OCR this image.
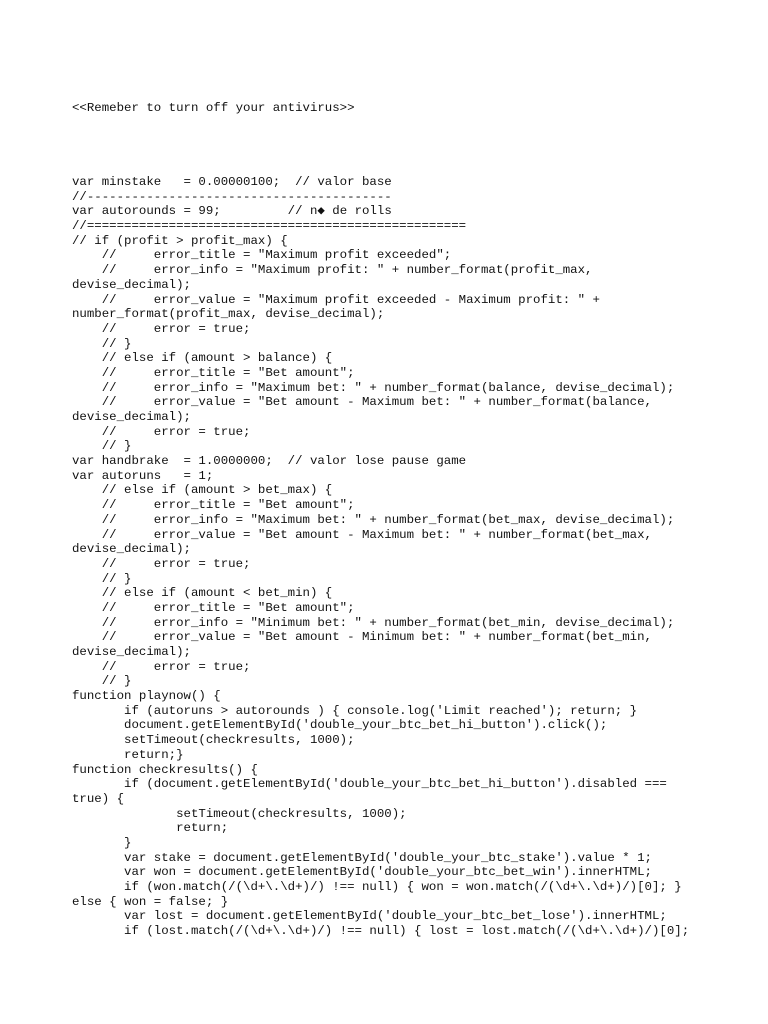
<<Remeber to turn off your antivirus>>

var minstake   = 0.00000100;  // valor base
//-----------------------------------------
var autorounds = 99;         // n◆ de rolls
//===================================================
// if (profit > profit_max) {
//     error_title = "Maximum profit exceeded";
//     error_info = "Maximum profit: " + number_format(profit_max,
devise_decimal);
//     error_value = "Maximum profit exceeded - Maximum profit: " +
number_format(profit_max, devise_decimal);
//     error = true;
// }
// else if (amount > balance) {
//     error_title = "Bet amount";
//     error_info = "Maximum bet: " + number_format(balance, devise_decimal);
//     error_value = "Bet amount - Maximum bet: " + number_format(balance,
devise_decimal);
//     error = true;
// }
var handbrake  = 1.0000000;  // valor lose pause game
var autoruns   = 1;
// else if (amount > bet_max) {
//     error_title = "Bet amount";
//     error_info = "Maximum bet: " + number_format(bet_max, devise_decimal);
//     error_value = "Bet amount - Maximum bet: " + number_format(bet_max,
devise_decimal);
//     error = true;
// }
// else if (amount < bet_min) {
//     error_title = "Bet amount";
//     error_info = "Minimum bet: " + number_format(bet_min, devise_decimal);
//     error_value = "Bet amount - Minimum bet: " + number_format(bet_min,
devise_decimal);
//     error = true;
// }
function playnow() {
if (autoruns > autorounds ) { console.log('Limit reached'); return; }
document.getElementById('double_your_btc_bet_hi_button').click();
setTimeout(checkresults, 1000);
return;}
function checkresults() {
if (document.getElementById('double_your_btc_bet_hi_button').disabled ===
true) {
setTimeout(checkresults, 1000);
return;
}
var stake = document.getElementById('double_your_btc_stake').value * 1;
var won = document.getElementById('double_your_btc_bet_win').innerHTML;
if (won.match(/(\d+\.\d+)/) !== null) { won = won.match(/(\d+\.\d+)/)[0]; }
else { won = false; }
var lost = document.getElementById('double_your_btc_bet_lose').innerHTML;
if (lost.match(/(\d+\.\d+)/) !== null) { lost = lost.match(/(\d+\.\d+)/)[0];
